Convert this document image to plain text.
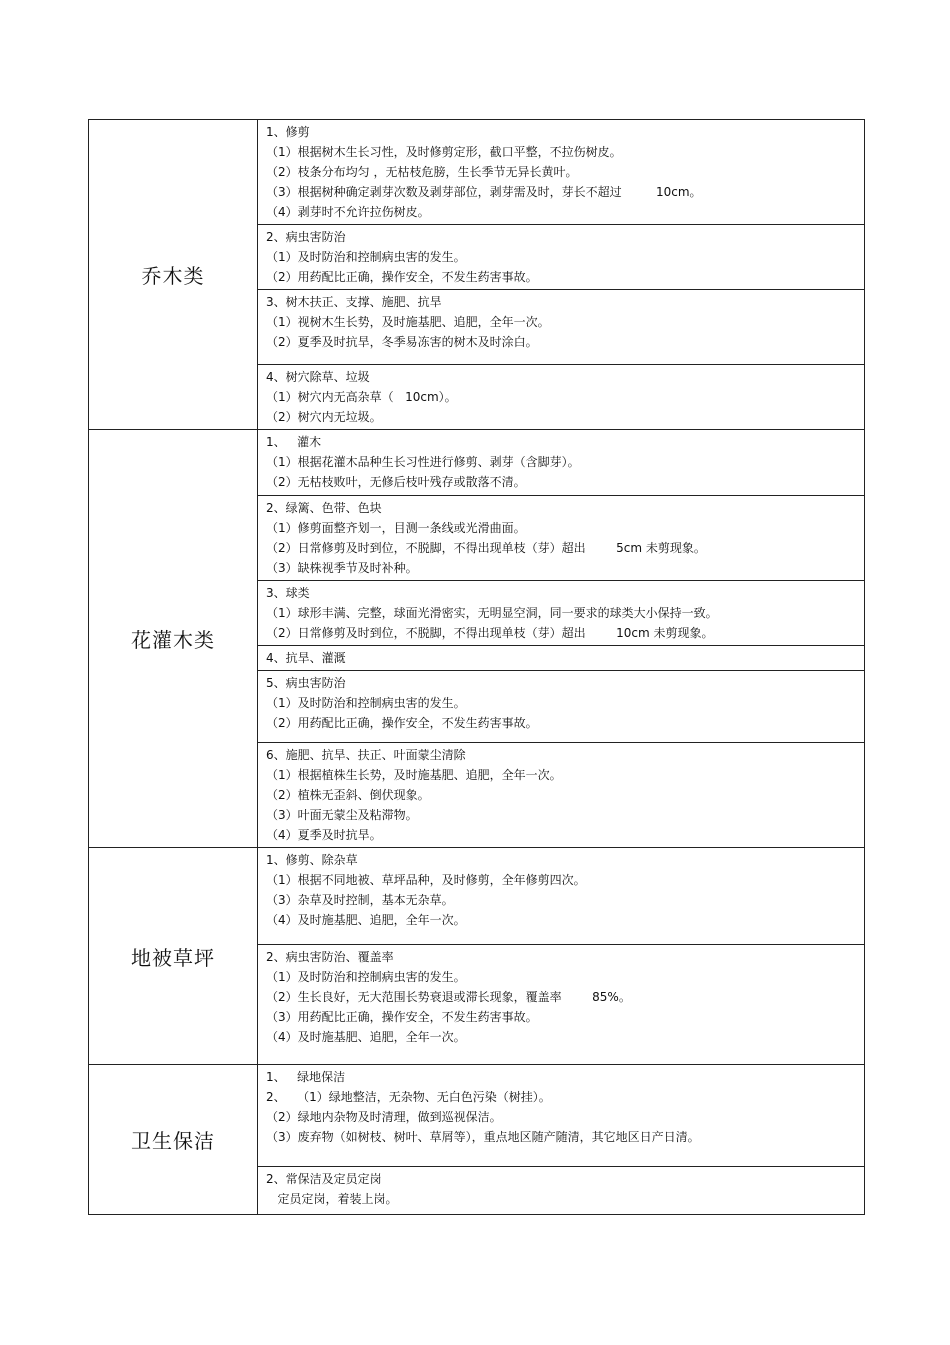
乔木类	1、修剪
（1）根据树木生长习性，及时修剪定形，截口平整，不拉伤树皮。
（2）枝条分布均匀 ，无枯枝危膀，生长季节无异长黄叶。
（3）根据树种确定剥芽次数及剥芽部位，剥芽需及时，芽长不超过         10cm。
（4）剥芽时不允许拉伤树皮。

	2、病虫害防治
（1）及时防治和控制病虫害的发生。
（2）用药配比正确，操作安全，不发生药害事故。

	3、树木扶正、支撑、施肥、抗旱
（1）视树木生长势，及时施基肥、追肥，全年一次。
（2）夏季及时抗旱，冬季易冻害的树木及时涂白。

	4、树穴除草、垃圾
（1）树穴内无高杂草（   10cm）。
（2）树穴内无垃圾。

花灌木类	1、   灌木
（1）根据花灌木品种生长习性进行修剪、剥芽（含脚芽）。
（2）无枯枝败叶，无修后枝叶残存或散落不清。

	2、绿篱、色带、色块
（1）修剪面整齐划一，目测一条线或光滑曲面。
（2）日常修剪及时到位，不脱脚，不得出现单枝（芽）超出        5cm 未剪现象。
（3）缺株视季节及时补种。

	3、球类
（1）球形丰满、完整，球面光滑密实，无明显空洞，同一要求的球类大小保持一致。
（2）日常修剪及时到位，不脱脚，不得出现单枝（芽）超出        10cm 未剪现象。

	4、抗旱、灌溉

	5、病虫害防治
（1）及时防治和控制病虫害的发生。
（2）用药配比正确，操作安全，不发生药害事故。

	6、施肥、抗旱、扶正、叶面蒙尘清除
（1）根据植株生长势，及时施基肥、追肥，全年一次。
（2）植株无歪斜、倒伏现象。
（3）叶面无蒙尘及粘滞物。
（4）夏季及时抗旱。

地被草坪	1、修剪、除杂草
（1）根据不同地被、草坪品种，及时修剪，全年修剪四次。
（3）杂草及时控制，基本无杂草。
（4）及时施基肥、追肥，全年一次。

	2、病虫害防治、覆盖率
（1）及时防治和控制病虫害的发生。
（2）生长良好，无大范围长势衰退或滞长现象，覆盖率        85%。
（3）用药配比正确，操作安全，不发生药害事故。
（4）及时施基肥、追肥，全年一次。

卫生保洁	1、   绿地保洁
2、   （1）绿地整洁，无杂物、无白色污染（树挂）。
（2）绿地内杂物及时清理，做到巡视保洁。
（3）废弃物（如树枝、树叶、草屑等），重点地区随产随清，其它地区日产日清。

	2、常保洁及定员定岗
定员定岗，着装上岗。
